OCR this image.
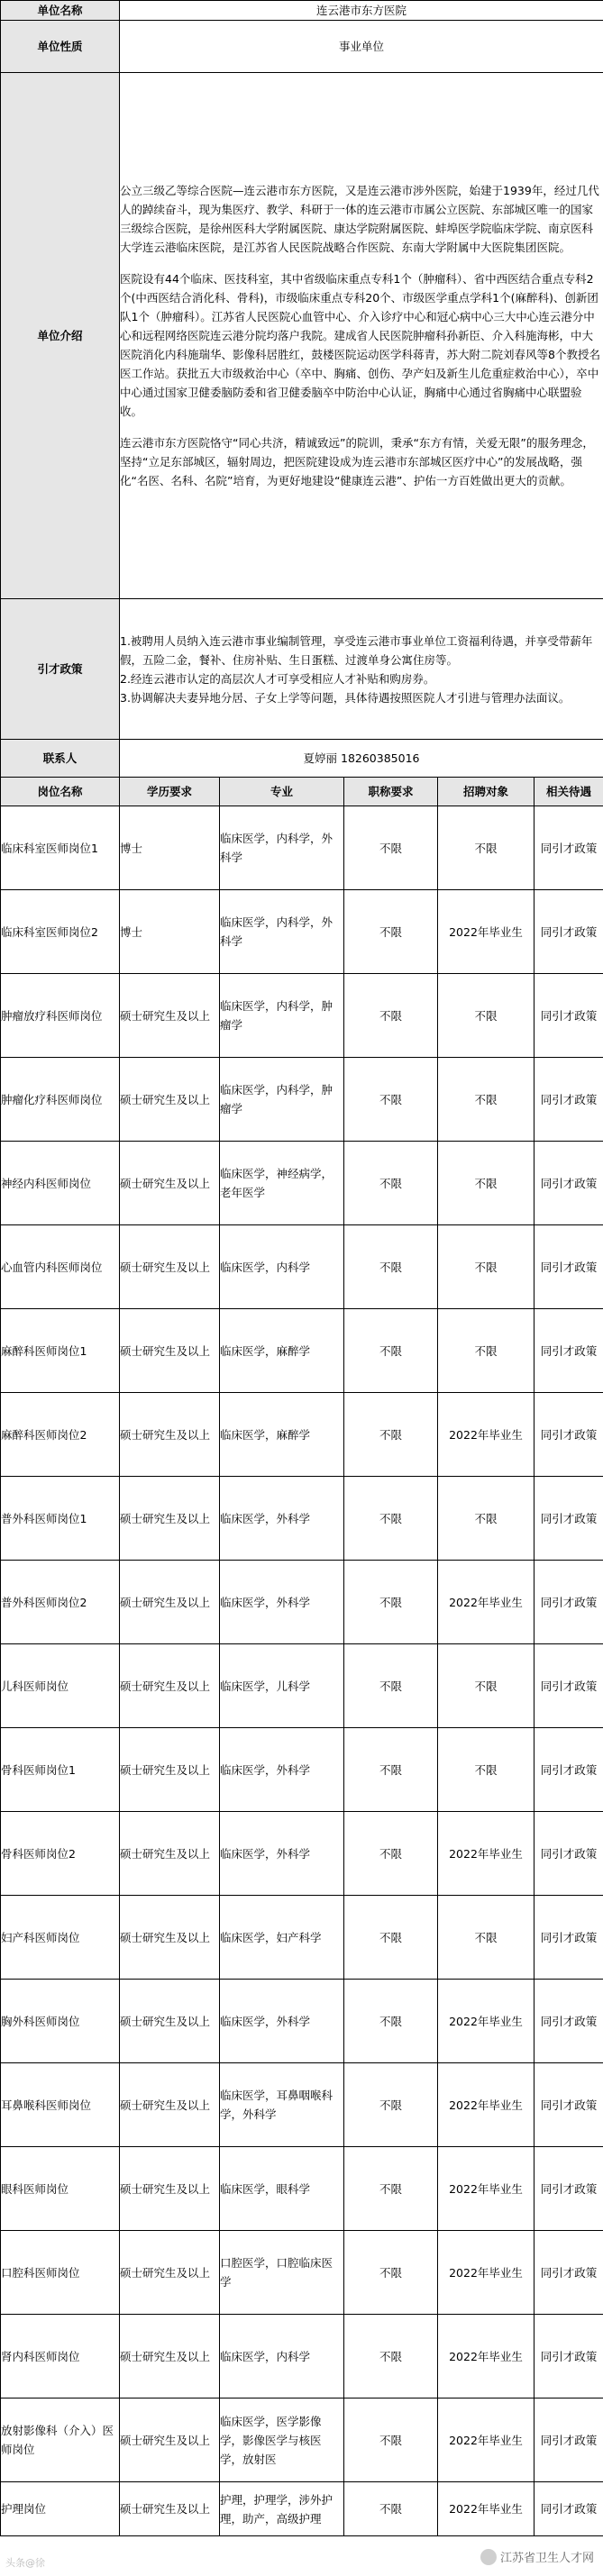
单位名称	连云港市东方医院				
单位性质	事业单位				
单位介绍	公立三级乙等综合医院—连云港市东方医院，又是连云港市涉外医院，始建于1939年，经过几代人的踔续奋斗，现为集医疗、教学、科研于一体的连云港市市属公立医院、东部城区唯一的国家三级综合医院，是徐州医科大学附属医院、康达学院附属医院、蚌埠医学院临床学院、南京医科大学连云港临床医院，是江苏省人民医院战略合作医院、东南大学附属中大医院集团医院。

医院设有44个临床、医技科室，其中省级临床重点专科1个（肿瘤科）、省中西医结合重点专科2个(中西医结合消化科、骨科)，市级临床重点专科20个、市级医学重点学科1个(麻醉科)、创新团队1个（肿瘤科）。江苏省人民医院心血管中心、介入诊疗中心和冠心病中心三大中心连云港分中心和远程网络医院连云港分院均落户我院。建成省人民医院肿瘤科孙新臣、介入科施海彬，中大医院消化内科施瑞华、影像科居胜红，鼓楼医院运动医学科蒋青，苏大附二院刘春风等8个教授名医工作站。获批五大市级救治中心（卒中、胸痛、创伤、孕产妇及新生儿危重症救治中心），卒中中心通过国家卫健委脑防委和省卫健委脑卒中防治中心认证，胸痛中心通过省胸痛中心联盟验收。

连云港市东方医院恪守“同心共济，精诚致远”的院训，秉承“东方有情，关爱无限”的服务理念，坚持“立足东部城区，辐射周边，把医院建设成为连云港市东部城区医疗中心”的发展战略，强化“名医、名科、名院”培育，为更好地建设“健康连云港”、护佑一方百姓做出更大的贡献。				

引才政策	1.被聘用人员纳入连云港市事业编制管理，享受连云港市事业单位工资福利待遇，并享受带薪年假，五险二金，餐补、住房补贴、生日蛋糕、过渡单身公寓住房等。
2.经连云港市认定的高层次人才可享受相应人才补贴和购房券。
3.协调解决夫妻异地分居、子女上学等问题，具体待遇按照医院人才引进与管理办法面议。				

联系人	夏婷丽 18260385016				
岗位名称	学历要求	专业	职称要求	招聘对象	相关待遇
临床科室医师岗位1	博士	临床医学，内科学，外科学	不限	不限	同引才政策
临床科室医师岗位2	博士	临床医学，内科学，外科学	不限	2022年毕业生	同引才政策
肿瘤放疗科医师岗位	硕士研究生及以上	临床医学，内科学，肿瘤学	不限	不限	同引才政策
肿瘤化疗科医师岗位	硕士研究生及以上	临床医学，内科学，肿瘤学	不限	不限	同引才政策
神经内科医师岗位	硕士研究生及以上	临床医学，神经病学，老年医学	不限	不限	同引才政策
心血管内科医师岗位	硕士研究生及以上	临床医学，内科学	不限	不限	同引才政策
麻醉科医师岗位1	硕士研究生及以上	临床医学，麻醉学	不限	不限	同引才政策
麻醉科医师岗位2	硕士研究生及以上	临床医学，麻醉学	不限	2022年毕业生	同引才政策
普外科医师岗位1	硕士研究生及以上	临床医学，外科学	不限	不限	同引才政策
普外科医师岗位2	硕士研究生及以上	临床医学，外科学	不限	2022年毕业生	同引才政策
儿科医师岗位	硕士研究生及以上	临床医学，儿科学	不限	不限	同引才政策
骨科医师岗位1	硕士研究生及以上	临床医学，外科学	不限	不限	同引才政策
骨科医师岗位2	硕士研究生及以上	临床医学，外科学	不限	2022年毕业生	同引才政策
妇产科医师岗位	硕士研究生及以上	临床医学，妇产科学	不限	不限	同引才政策
胸外科医师岗位	硕士研究生及以上	临床医学，外科学	不限	2022年毕业生	同引才政策
耳鼻喉科医师岗位	硕士研究生及以上	临床医学，耳鼻咽喉科学，外科学	不限	2022年毕业生	同引才政策
眼科医师岗位	硕士研究生及以上	临床医学，眼科学	不限	2022年毕业生	同引才政策
口腔科医师岗位	硕士研究生及以上	口腔医学，口腔临床医学	不限	2022年毕业生	同引才政策
肾内科医师岗位	硕士研究生及以上	临床医学，内科学	不限	2022年毕业生	同引才政策
放射影像科（介入）医师岗位	硕士研究生及以上	临床医学，医学影像学，影像医学与核医学，放射医	不限	2022年毕业生	同引才政策
护理岗位	硕士研究生及以上	护理，护理学，涉外护理，助产，高级护理	不限	2022年毕业生	同引才政策
头条@徐	江苏省卫生人才网
